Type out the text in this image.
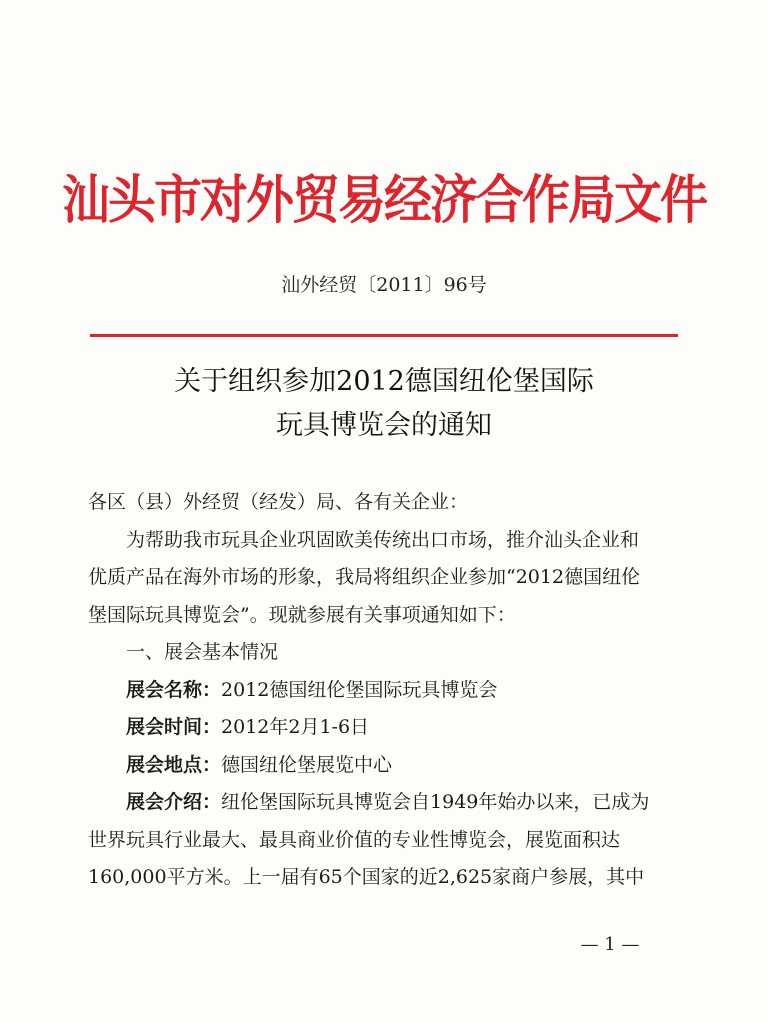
汕头市对外贸易经济合作局文件
汕外经贸〔2011〕96号
关于组织参加2012德国纽伦堡国际
玩具博览会的通知

各区（县）外经贸（经发）局、各有关企业：

为帮助我市玩具企业巩固欧美传统出口市场，推介汕头企业和

优质产品在海外市场的形象，我局将组织企业参加“2012德国纽伦

堡国际玩具博览会”。现就参展有关事项通知如下：

一、展会基本情况

展会名称：2012德国纽伦堡国际玩具博览会

展会时间：2012年2月1-6日

展会地点：德国纽伦堡展览中心

展会介绍：纽伦堡国际玩具博览会自1949年始办以来，已成为

世界玩具行业最大、最具商业价值的专业性博览会，展览面积达

160,000平方米。上一届有65个国家的近2,625家商户参展，其中

— 1 —
